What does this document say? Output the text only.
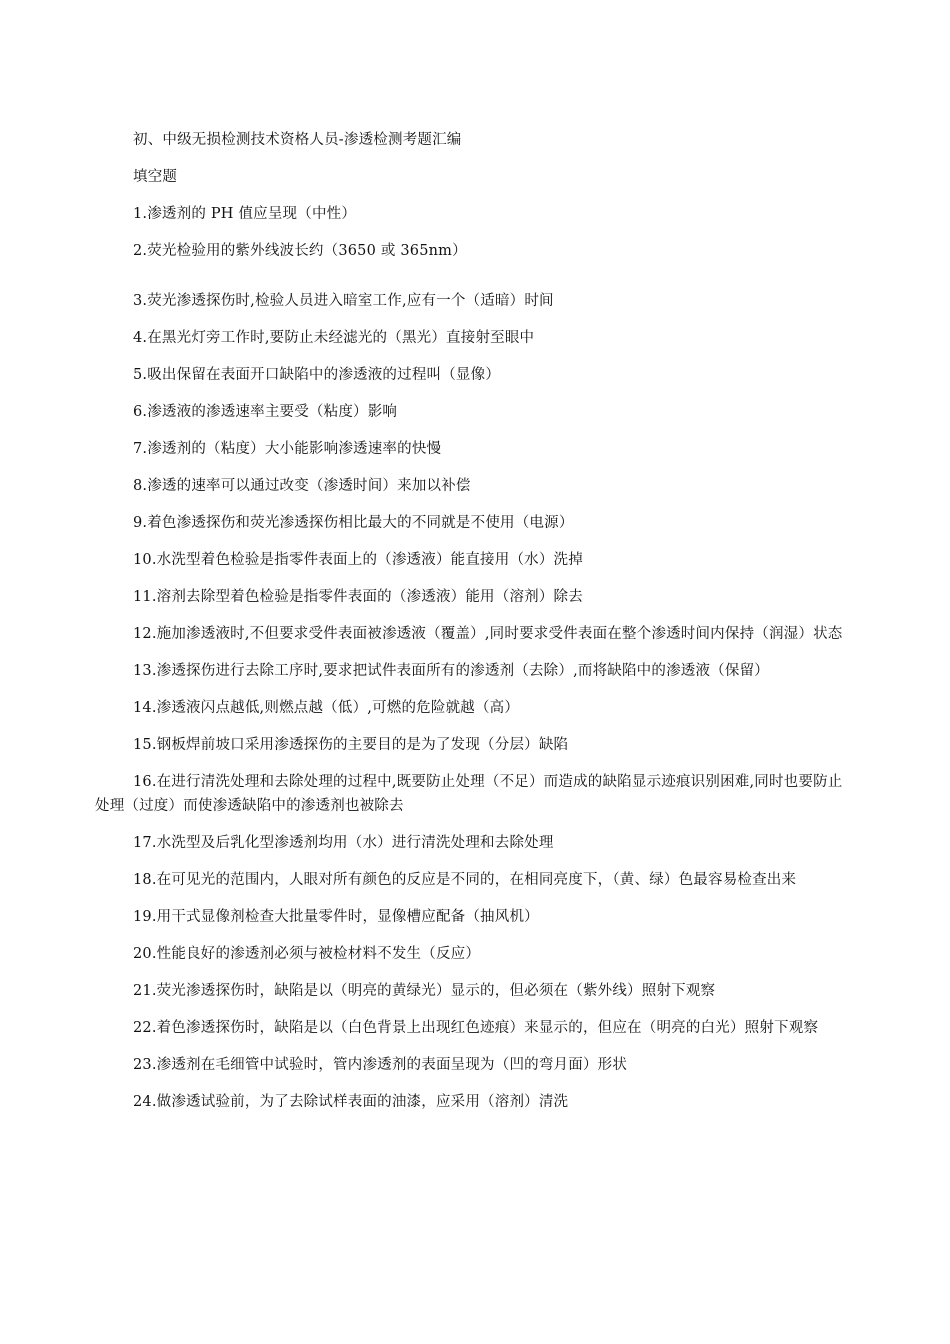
初、中级无损检测技术资格人员-渗透检测考题汇编

填空题

1.渗透剂的 PH 值应呈现（中性）

2.荧光检验用的紫外线波长约（3650 或 365nm）

3.荧光渗透探伤时,检验人员进入暗室工作,应有一个（适暗）时间

4.在黑光灯旁工作时,要防止未经滤光的（黑光）直接射至眼中

5.吸出保留在表面开口缺陷中的渗透液的过程叫（显像）

6.渗透液的渗透速率主要受（粘度）影响

7.渗透剂的（粘度）大小能影响渗透速率的快慢

8.渗透的速率可以通过改变（渗透时间）来加以补偿

9.着色渗透探伤和荧光渗透探伤相比最大的不同就是不使用（电源）

10.水洗型着色检验是指零件表面上的（渗透液）能直接用（水）洗掉

11.溶剂去除型着色检验是指零件表面的（渗透液）能用（溶剂）除去

12.施加渗透液时,不但要求受件表面被渗透液（覆盖）,同时要求受件表面在整个渗透时间内保持（润湿）状态

13.渗透探伤进行去除工序时,要求把试件表面所有的渗透剂（去除）,而将缺陷中的渗透液（保留）

14.渗透液闪点越低,则燃点越（低）,可燃的危险就越（高）

15.钢板焊前坡口采用渗透探伤的主要目的是为了发现（分层）缺陷

16.在进行清洗处理和去除处理的过程中,既要防止处理（不足）而造成的缺陷显示迹痕识别困难,同时也要防止处理（过度）而使渗透缺陷中的渗透剂也被除去

17.水洗型及后乳化型渗透剂均用（水）进行清洗处理和去除处理

18.在可见光的范围内，人眼对所有颜色的反应是不同的，在相同亮度下，（黄、绿）色最容易检查出来

19.用干式显像剂检查大批量零件时，显像槽应配备（抽风机）

20.性能良好的渗透剂必须与被检材料不发生（反应）

21.荧光渗透探伤时，缺陷是以（明亮的黄绿光）显示的，但必须在（紫外线）照射下观察

22.着色渗透探伤时，缺陷是以（白色背景上出现红色迹痕）来显示的，但应在（明亮的白光）照射下观察

23.渗透剂在毛细管中试验时，管内渗透剂的表面呈现为（凹的弯月面）形状

24.做渗透试验前，为了去除试样表面的油漆，应采用（溶剂）清洗
